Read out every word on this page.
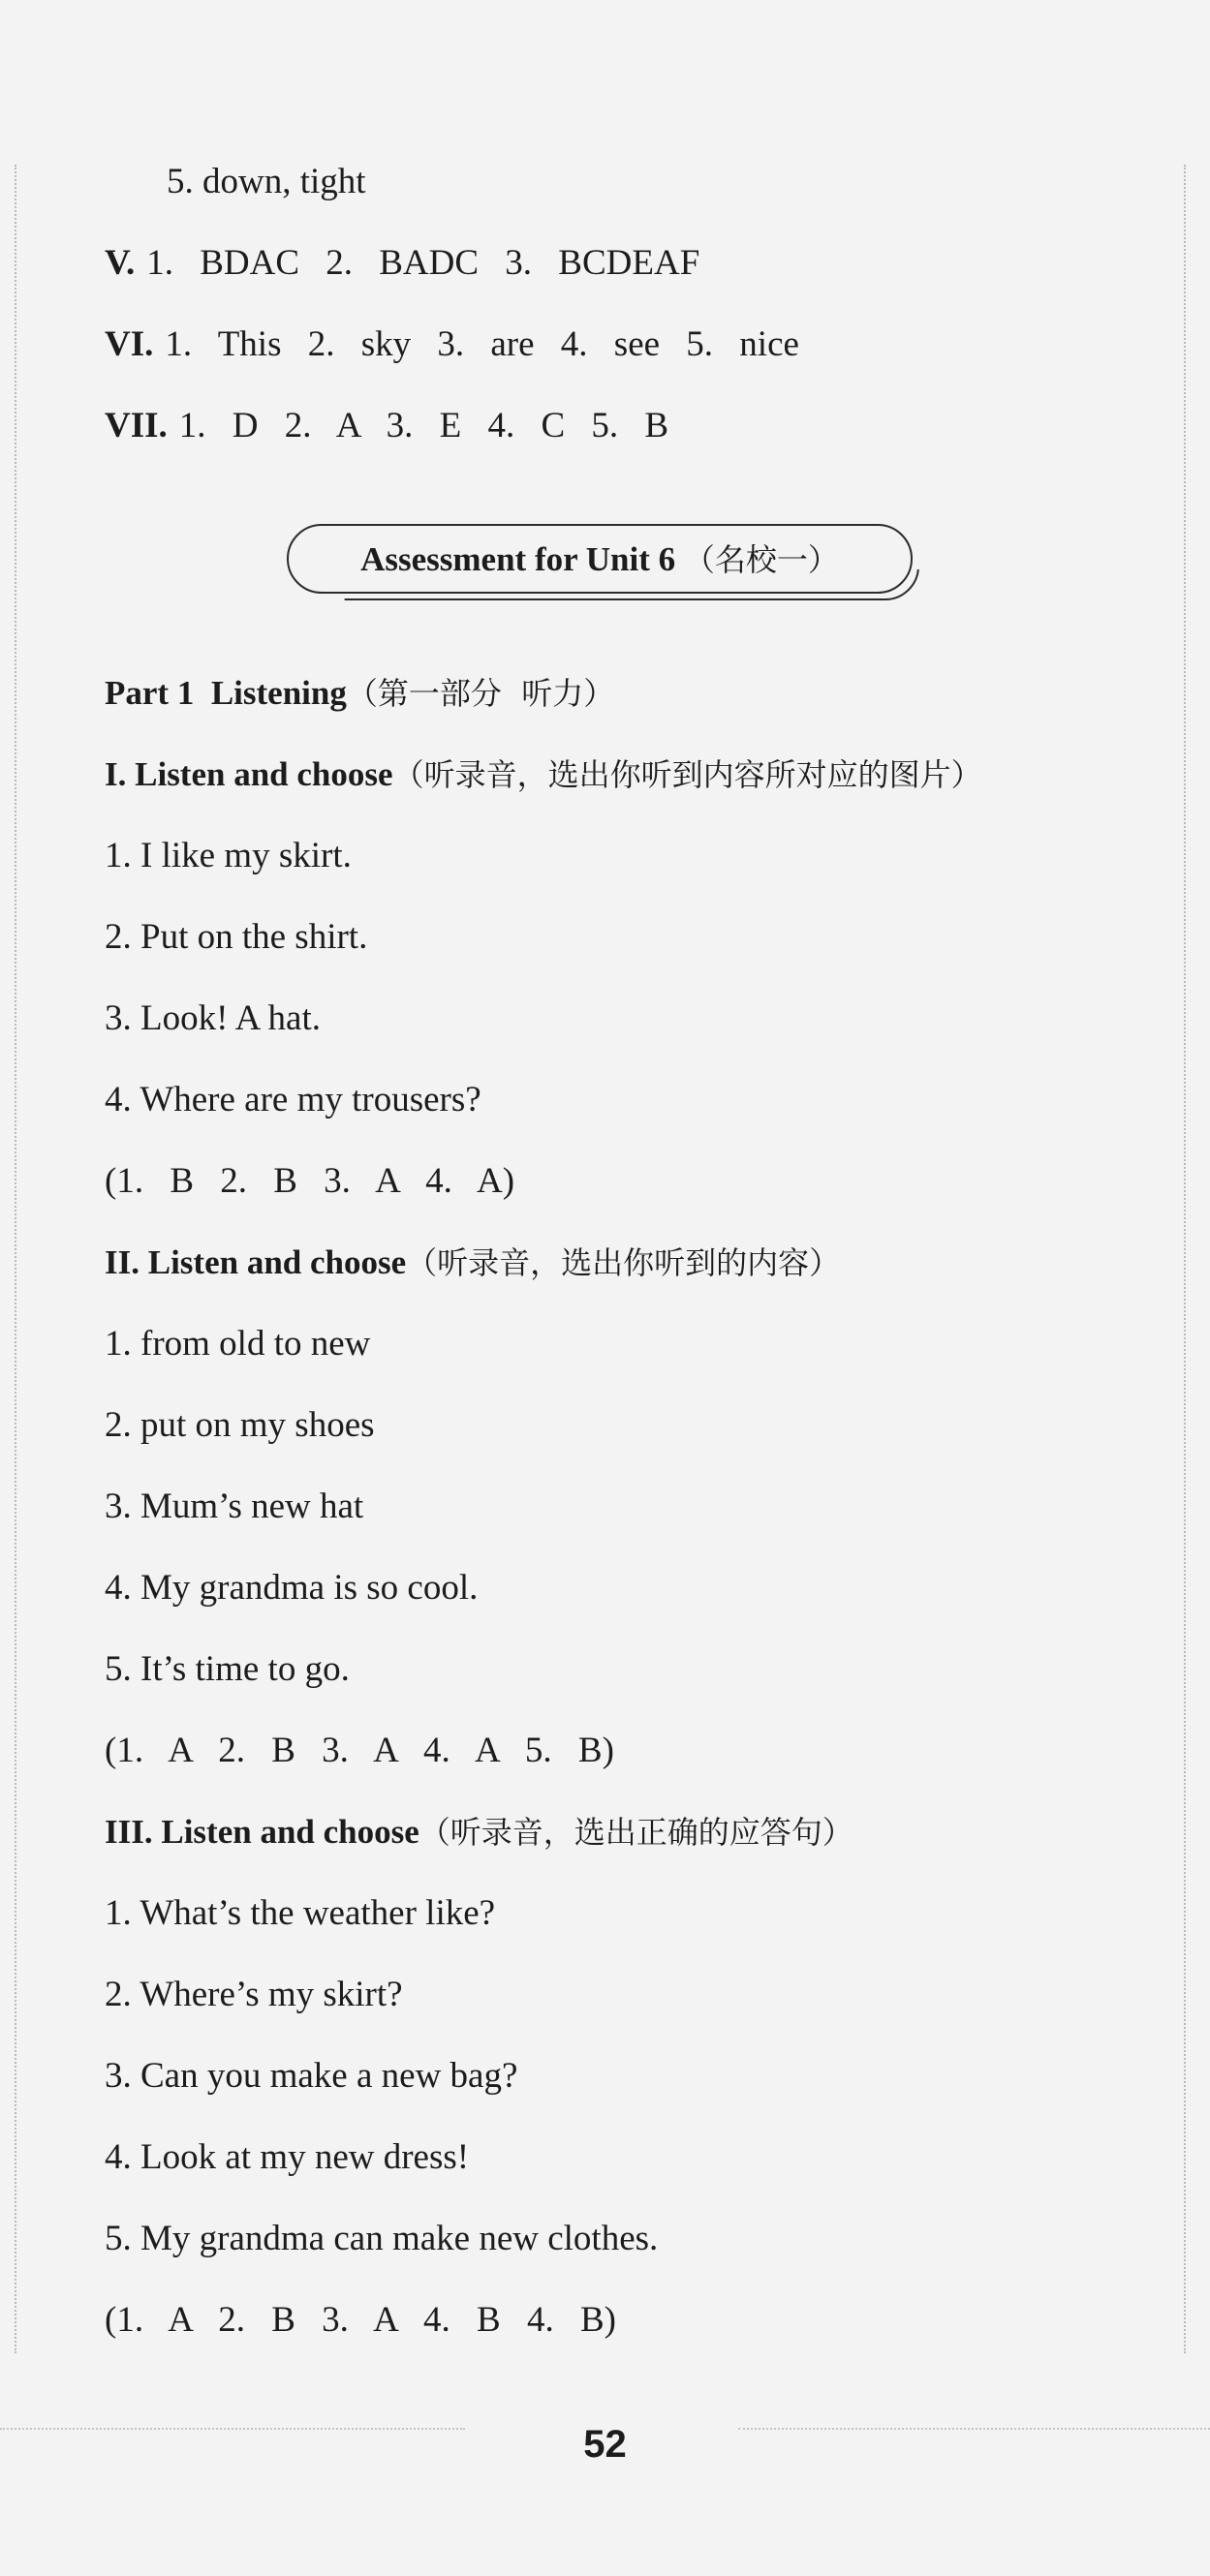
5. down, tight
V. 1. BDAC 2. BADC 3. BCDEAF
VI. 1. This 2. sky 3. are 4. see 5. nice
VII. 1. D 2. A 3. E 4. C 5. B
Assessment for Unit 6 （名校一）
Part 1  Listening（第一部分  听力）
I. Listen and choose（听录音，选出你听到内容所对应的图片）
1. I like my skirt.
2. Put on the shirt.
3. Look! A hat.
4. Where are my trousers?
(1. B 2. B 3. A 4. A)
II. Listen and choose（听录音，选出你听到的内容）
1. from old to new
2. put on my shoes
3. Mum’s new hat
4. My grandma is so cool.
5. It’s time to go.
(1. A 2. B 3. A 4. A 5. B)
III. Listen and choose（听录音，选出正确的应答句）
1. What’s the weather like?
2. Where’s my skirt?
3. Can you make a new bag?
4. Look at my new dress!
5. My grandma can make new clothes.
(1. A 2. B 3. A 4. B 4. B)
52
